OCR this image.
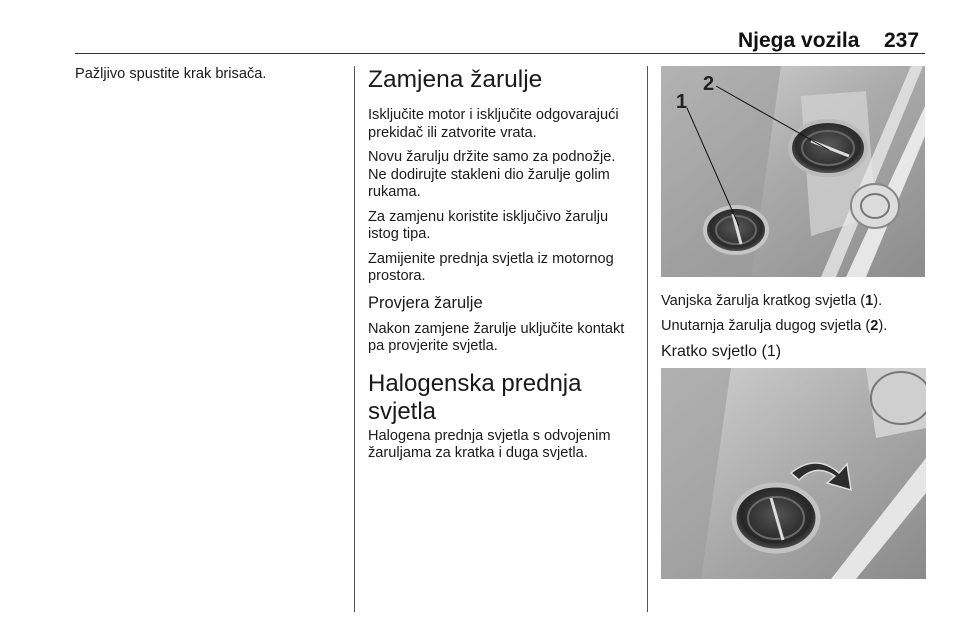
Njega vozila 237

Pažljivo spustite krak brisača.	Zamjena žarulje

Isključite motor i isključite odgovarajući prekidač ili zatvorite vrata.

Novu žarulju držite samo za podnožje. Ne dodirujte stakleni dio žarulje golim rukama.

Za zamjenu koristite isključivo žarulju istog tipa.

Zamijenite prednja svjetla iz motornog prostora.

Provjera žarulje

Nakon zamjene žarulje uključite kontakt pa provjerite svjetla.

Halogenska prednja svjetla

Halogena prednja svjetla s odvojenim žaruljama za kratka i duga svjetla.

1
2

Vanjska žarulja kratkog svjetla (1).

Unutarnja žarulja dugog svjetla (2).

Kratko svjetlo (1)
